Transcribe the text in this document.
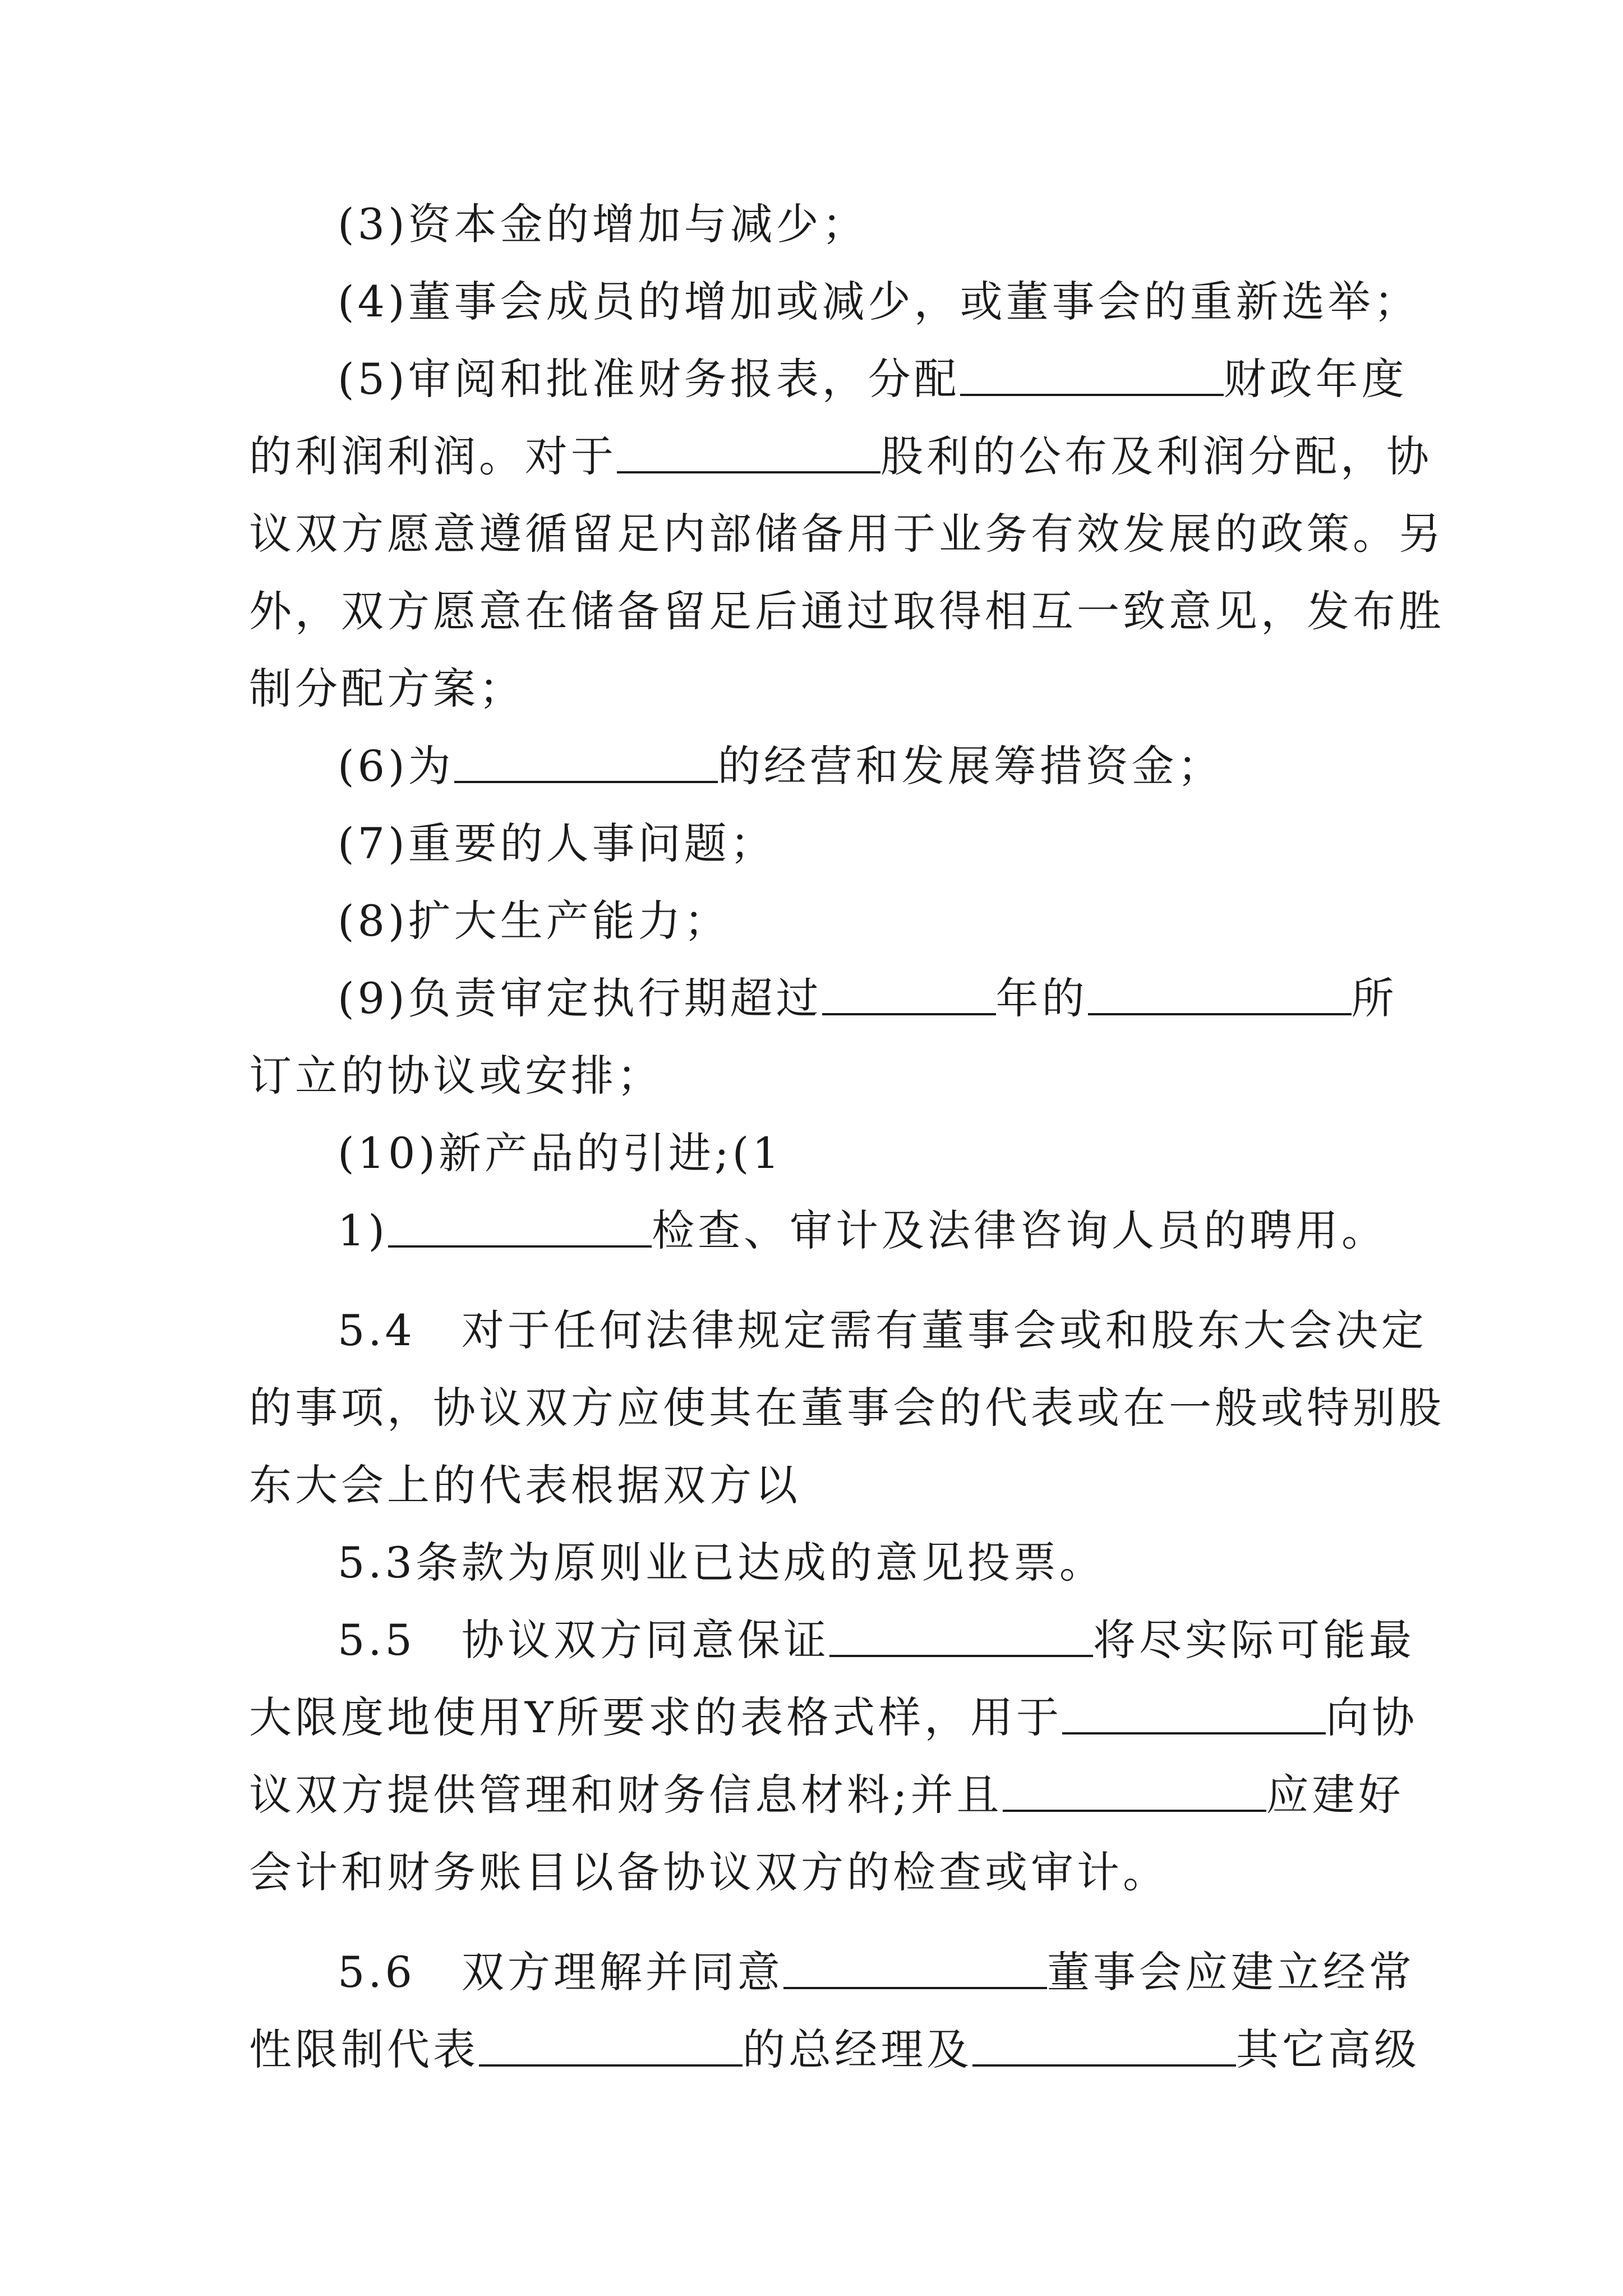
(3)资本金的增加与减少；
(4)董事会成员的增加或减少，或董事会的重新选举；
(5)审阅和批准财务报表，分配	财政年度
的利润利润。对于	股利的公布及利润分配，协
议双方愿意遵循留足内部储备用于业务有效发展的政策。另
外，双方愿意在储备留足后通过取得相互一致意见，发布胜
制分配方案；
(6)为	的经营和发展筹措资金；
(7)重要的人事问题；
(8)扩大生产能力；
(9)负责审定执行期超过	年的	所
订立的协议或安排；
(10)新产品的引进;(1
1)	检查、审计及法律咨询人员的聘用。
5.4　对于任何法律规定需有董事会或和股东大会决定
的事项，协议双方应使其在董事会的代表或在一般或特别股
东大会上的代表根据双方以
5.3条款为原则业已达成的意见投票。
5.5　协议双方同意保证	将尽实际可能最
大限度地使用Y所要求的表格式样，用于	向协
议双方提供管理和财务信息材料;并且	应建好
会计和财务账目以备协议双方的检查或审计。
5.6　双方理解并同意	董事会应建立经常
性限制代表	的总经理及	其它高级
